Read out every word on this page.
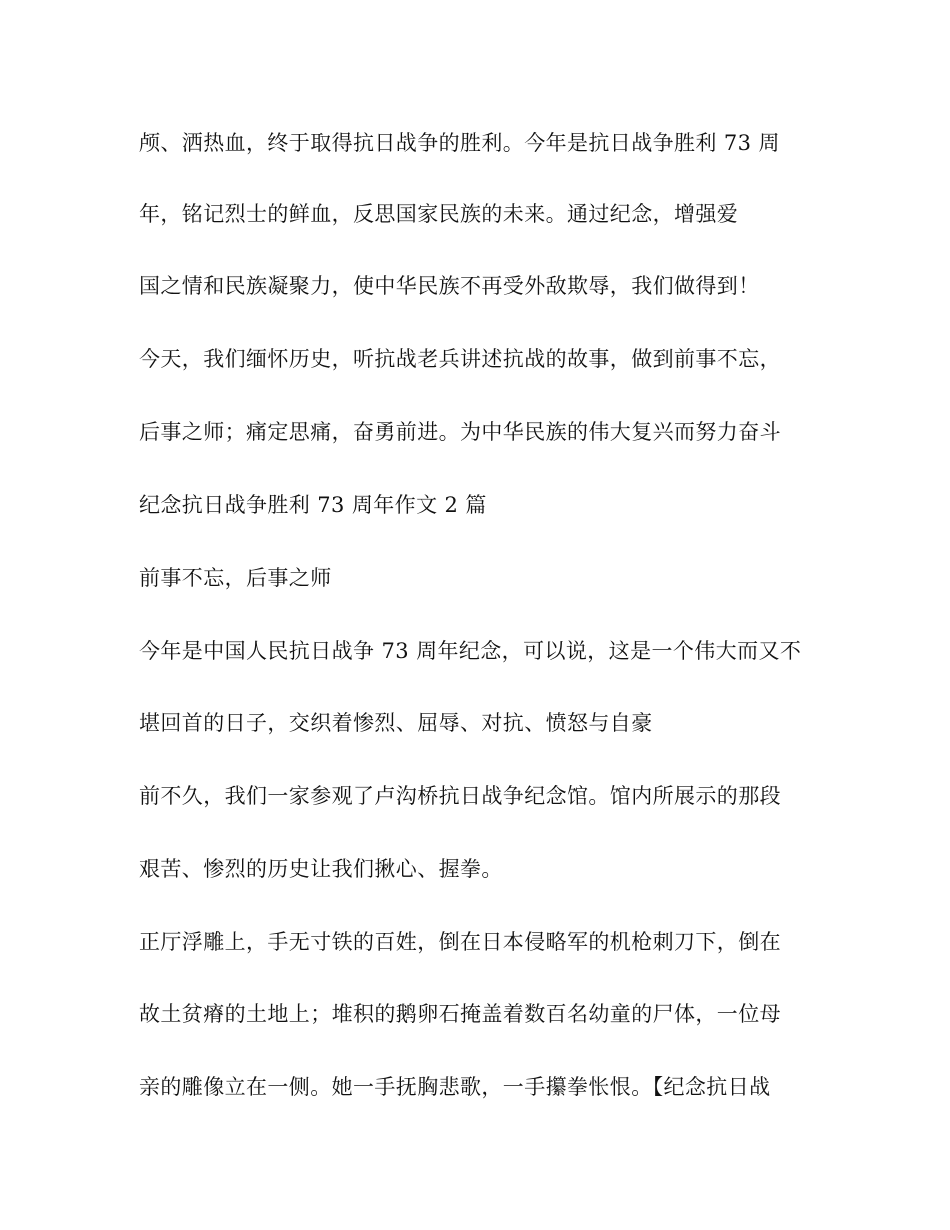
颅、洒热血，终于取得抗日战争的胜利。今年是抗日战争胜利 73 周
年，铭记烈士的鲜血，反思国家民族的未来。通过纪念，增强爱
国之情和民族凝聚力，使中华民族不再受外敌欺辱，我们做得到！
今天，我们缅怀历史，听抗战老兵讲述抗战的故事，做到前事不忘，
后事之师；痛定思痛，奋勇前进。为中华民族的伟大复兴而努力奋斗
纪念抗日战争胜利 73 周年作文 2 篇
前事不忘，后事之师
今年是中国人民抗日战争 73 周年纪念，可以说，这是一个伟大而又不
堪回首的日子，交织着惨烈、屈辱、对抗、愤怒与自豪
前不久，我们一家参观了卢沟桥抗日战争纪念馆。馆内所展示的那段
艰苦、惨烈的历史让我们揪心、握拳。
正厅浮雕上，手无寸铁的百姓，倒在日本侵略军的机枪刺刀下，倒在
故土贫瘠的土地上；堆积的鹅卵石掩盖着数百名幼童的尸体，一位母
亲的雕像立在一侧。她一手抚胸悲歌，一手攥拳怅恨。【纪念抗日战
